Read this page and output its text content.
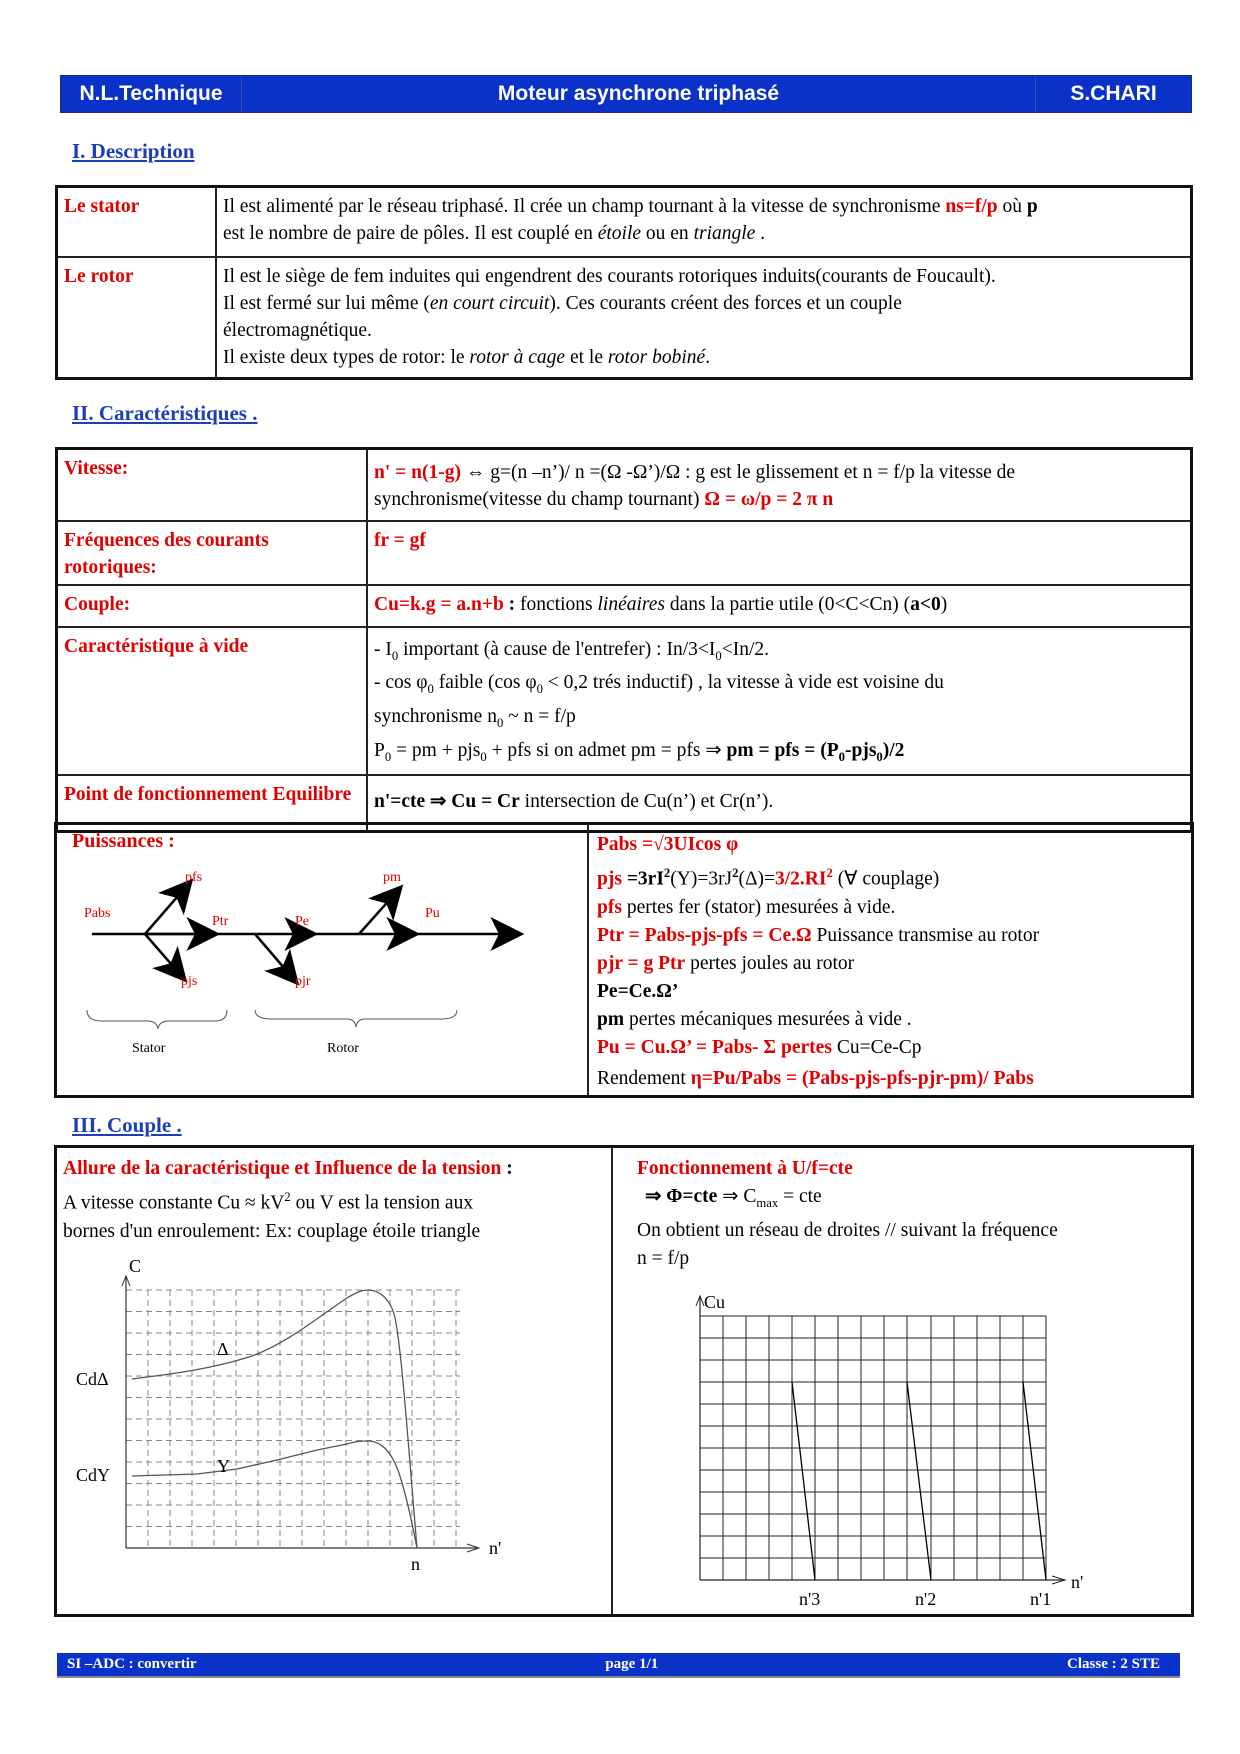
N.L.Technique	Moteur asynchrone triphasé	S.CHARI
I. Description
Le stator	Il est alimenté par le réseau triphasé. Il crée un champ tournant à la vitesse de synchronisme ns=f/p où p
est le nombre de paire de pôles. Il est couplé en étoile ou en triangle .
Le rotor	Il est le siège de fem induites qui engendrent des courants rotoriques induits(courants de Foucault).
Il est fermé sur lui même (en court circuit). Ces courants créent des forces et un couple
électromagnétique.
Il existe deux types de rotor: le rotor à cage et le rotor bobiné.
II. Caractéristiques .
Vitesse:	n' = n(1-g) ⇔ g=(n –n’)/ n =(Ω -Ω’)/Ω : g est le glissement et n = f/p la vitesse de
synchronisme(vitesse du champ tournant) Ω = ω/p = 2 π n
Fréquences des courants rotoriques:	fr = gf
Couple:	Cu=k.g = a.n+b : fonctions linéaires dans la partie utile (0<C<Cn) (a<0)
Caractéristique à vide	- $I_0$ important (à cause de l'entrefer) : $In/3<I_0<In/2$.
- $\cos \varphi_0$ faible (cos $\varphi_0 < 0,2$ trés inductif) , la vitesse à vide est voisine du
synchronisme $n_0$ ~ n = f/p
$P_0$ = pm + pjs$_0$ + pfs si on admet pm = pfs ⇒ pm = pfs = $(P_0-pjs_0)/2$
Point de fonctionnement Equilibre	n'=cte ⇒ Cu = Cr intersection de Cu(n’) et Cr(n’).
Puissances :
Pabs
pfs
Ptr
pjs
Pe
pjr
pm
Pu
Stator	Rotor
Pabs =√3UIcos φ
pjs $=3rI^2(Y)=3rJ^2(\Delta)=3/2.RI^2$ (∀ couplage)
pfs pertes fer (stator) mesurées à vide.
Ptr = Pabs-pjs-pfs = Ce.Ω Puissance transmise au rotor
pjr = g Ptr pertes joules au rotor
Pe=Ce.Ω’
pm pertes mécaniques mesurées à vide .
Pu = Cu.Ω’ = Pabs- Σ pertes Cu=Ce-Cp
Rendement η=Pu/Pabs = (Pabs-pjs-pfs-pjr-pm)/ Pabs
III. Couple .
Allure de la caractéristique et Influence de la tension :
A vitesse constante $Cu \approx kV^2$ ou V est la tension aux
bornes d'un enroulement: Ex: couplage étoile triangle
Fonctionnement à U/f=cte
⇒ Φ=cte ⇒ $C_{max}$ = cte
On obtient un réseau de droites // suivant la fréquence
n = f/p
C
Δ
Y
CdΔ
CdY
n
n'
Cu
n'3	n'2	n'1
n'
SI –ADC : convertir	page 1/1	Classe : 2 STE
